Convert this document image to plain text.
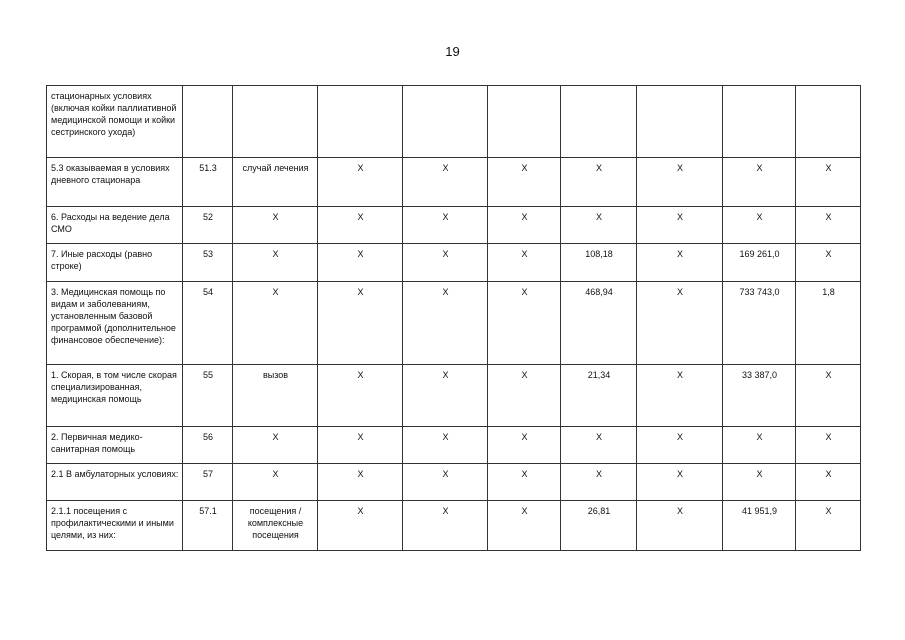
19
стационарных условиях (включая койки паллиативной медицинской помощи и койки сестринского ухода)									
5.3 оказываемая в условиях дневного стационара	51.3	случай лечения	Х	Х	Х	Х	Х	Х	Х
6. Расходы на ведение дела СМО	52	Х	Х	Х	Х	Х	Х	Х	Х
7. Иные расходы (равно строке)	53	Х	Х	Х	Х	108,18	Х	169 261,0	Х
3. Медицинская помощь по видам и заболеваниям, установленным базовой программой (дополнительное финансовое обеспечение):	54	Х	Х	Х	Х	468,94	Х	733 743,0	1,8
1. Скорая, в том числе скорая специализированная, медицинская помощь	55	вызов	Х	Х	Х	21,34	Х	33 387,0	Х
2. Первичная медико-санитарная помощь	56	Х	Х	Х	Х	Х	Х	Х	Х
2.1 В амбулаторных условиях:	57	Х	Х	Х	Х	Х	Х	Х	Х
2.1.1 посещения с профилактическими и иными целями, из них:	57.1	посещения / комплексные посещения	Х	Х	Х	26,81	Х	41 951,9	Х
